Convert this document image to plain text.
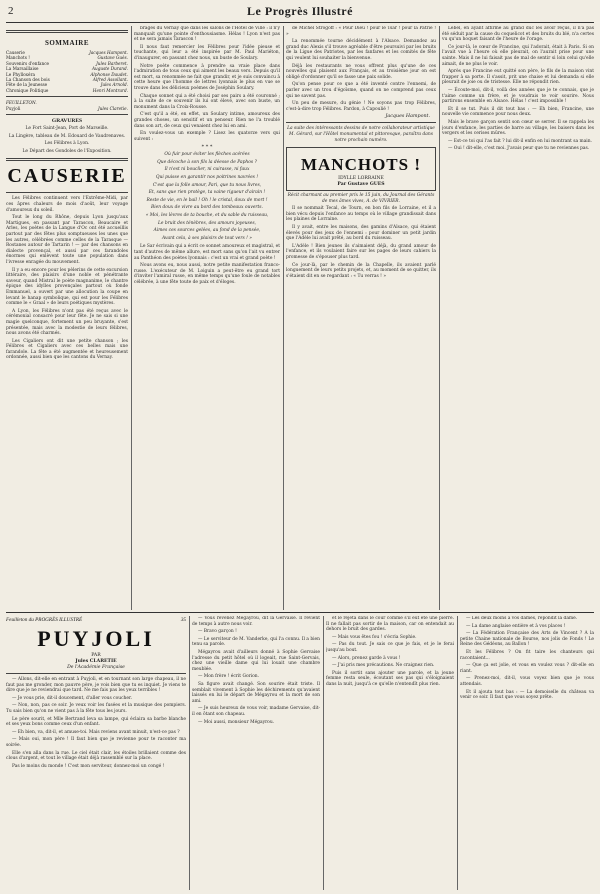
2	Le Progrès Illustré
SOMMAIRE
Causerie	Jacques Hampont.
Manchots !	Gustave Guès.
Souvenirs d'enfance	Jules Barberet.
La Marsaillaise	Auguste Durand.
Le Phylloxéra	Alphonse Daudet.
La Chanson des bois	Alfred Assollant.
Fête de la Jeunesse	Jules Arnold.
Chronique Politique	Henri Montrard.
FEUILLETON.
Puyjoli	Jules Claretie.
GRAVURES

Le Fort Saint-Jean, Port de Marseille.

La Lingère, tableau de M. Edouard de Vaudrenaves.

Les Fêlibres à Lyon.

Le Départ des Gondoles de l'Exposition.

CAUSERIE

Les Félibres continuent vers l'Extrême-Midi, par ces âpres chaleurs de mois d'août, leur voyage d'amoureux du soleil.

Tout le long du Rhône, depuis Lyon jusqu'aux Martigues, en passant par Tarascon, Beaucaire et Arles, les poètes de la Langue d'Oc ont été accueillis partout par des fêtes plus somptueuses les unes que les autres, célébrées comme celles de la Tarasque — Rostanes autour de Tartarin ! — par des chansons en dialecte provençal, et aussi par ces farandoles énormes qui enlèvent toute une population dans l'ivresse enragée du mouvement.

Il y a eu encore pour les pèlerins de cette excursion littéraire, des plaisirs d'une noble et pénétrante saveur, quand Mistral le poète magnanime, le chantre épique des idylles provençales partout où fonde Emmanuel, a ouvert par une allocution la coupe en levant le hanap symbolique, qui est pour les Félibres comme le « Graal » de leurs poétiques mystères.

A Lyon, les Félibres n'ont pas été reçus avec le cérémonial consacré pour leur fête. Je ne sais si une magie quelconque, fortement un peu bruyante, s'est présentée, mais avec la modestie de leurs félibres, nous avons été charmés.

Les Cigaliers ont dit une petite chanson ; les Félibres et Cigaliers avec ces belles mais une farandole. La fête a été augmentée et heureusement ordonnée, aussi bien que les cantons du Vernay.

brages du Vernay que dans les salons de l'Hôtel de Ville : il n'y manquait qu'une pointe d'enthousiasme. Hélas ! Lyon n'est pas et ne sera jamais Tarascon !

Il nous faut remercier les Félibres pour l'idée pieuse et touchante, qui leur a été inspirée par M. Paul Mariéton, d'inaugurer, en passant chez nous, un buste de Soulary.

Notre poète commence à prendre sa vraie place dans l'admiration de tous ceux qui aiment les beaux vers. Depuis qu'il est mort, sa renommée ne fait que grandir, et je suis convaincu à cette heure que l'homme de lettres lyonnais le plus en vue se trouve dans les délicieux poèmes de Joséphin Soulary.

Chaque sonnet qui a été choisi par ses pairs a été couronné ; à la suite de ce souvenir ils lui ont élevé, avec son buste, un monument dans la Croix-Rousse.

C'est qu'il a été, en effet, un Soulary intime, amoureux des grandes choses, un sensitif et un penseur. Rien ne l'a troublé dans son art, de ceux qui venaient chez lui en ami.

En voulez-vous un exemple ? Lisez les quatorze vers qui suivent :

* * *

Où fuir pour éviter les flèches acérées

Que décoche à son fils la déesse de Paphos ?

Il n'est ni bouclier, ni cuirasse, ni faux

Qui puisse en garantir nos poitrines navrées !

C'est que la folle amour, Pari, que tu nous livres,

Et, sans que rien protège, ta vaine rigueur d'airain !

Reste de vie, en le bail ! Oh ! le cristal, doux de mort !

Bien doux de vivre au bord des tombeaux ouverts.

« Moi, les lèvres de ta bouche, et du sable du ruisseau,

Le bruit des ténèbres, des amours joyeuses,

Aimes ces sources gelées, au fond de la pensée,

Avant cela, à ses plaisirs de tout vers ! »

Le Sar écrivain qui a écrit ce sonnet amoureux et magistral, et tant d'autres de même allure, est mort sans qu'on l'ait vu entrer au Panthéon des poètes lyonnais : c'est un vrai et grand poète !

Nous avons eu, nous aussi, notre petite manifestation franco-russe. L'exécuteur de M. Loiguin a peut-être eu grand tort d'inviter l'amiral russe, en même temps qu'une foule de notables célébrée, à une fête toute de paix et d'éloges.

de Michel Strogoff : « Pour Dieu ! pour le Tsar ! pour la Patrie ! »

La renommée tourne décidément à l'Alsace. Demandez au grand duc Alexis s'il trouve agréable d'être poursuivi par les bruits de la Ligue des Patriotes, par les fanfares et les comités de fête qui veulent lui souhaiter la bienvenue.

Déjà les restaurants ne vous offrent plus qu'une de ces nouvelles qui plaisent aux Français, et au troisième jour on est obligé d'ordonner qu'il se fasse une paix solide.

Qu'on pense pour ce que a été inventé contre l'ennemi, de parler avec un trou d'égoïsme, quand on ne comprend pas ceux qui ne savent pas.

Un peu de mesure, du génie ! Ne soyons pas trop Félibres, c'est-à-dire trop Félibres. Pardon, à Capoulié !

Jacques Hampont.

La suite des intéressants dessins de notre collaborateur artistique M. Gérard, sur l'Hôtel monumental et pittoresque, paraîtra dans notre prochain numéro.

MANCHOTS !
IDYLLE LORRAINE
Par Gustave GUES

Récit charmant au premier prix le 15 juin, du Journal des Gérants de mes âmes vives, A. de VIVRIER.

Il se nommait Tecal, de Tourn, en bon fils de Lorraine, et il a bien vécu depuis l'enfance au temps où le village grandissait dans les plaines de Lorraine.

Il y avait, entre les maisons, des gamins d'Alsace, qui étaient élevés pour des jeux de l'ennemi : pour dominer un petit jardin que l'Adèle lui avait prêté, au bord du ruisseau.

L'Adèle ! Bien jeunes ils s'aimaient déjà, du grand amour de l'enfance, et ils voulaient faire sur les pages de leurs cahiers la promesse de s'épouser plus tard.

Ce jour-là, par le chemin de la Chapelle, ils avaient parlé longuement de leurs petits projets, et, au moment de se quitter, ils s'étaient dit en se regardant : « Tu verras ! »

Lebel, en ayant affirmé au grand duc les avoir reçus, il n'a pas été séduit par la cause du coquelicot et des bruits du blé, n'a certes vu qu'un hoquet faisant de l'heure de l'orage.

Ce jour-là, le cœur de Francine, qui l'adorait, était à Paris. Si on l'avait vue à l'heure où elle pleurait, on l'aurait prise pour une sainte. Mais il ne lui faisait pas de mal de sentir si loin celui qu'elle aimait, de ne plus le voir.

Après que Francine eut quitté son père, le fils de la maison vint frapper à sa porte. Il s'assit, prit une chaise et lui demanda si elle pleurait de joie ou de tristesse. Elle ne répondit rien.

— Écoute-moi, dit-il, voilà des années que je te connais, que je t'aime comme un frère, et je voudrais te voir sourire. Nous partirons ensemble en Alsace. Hélas ! c'est impossible !

Et il se tut. Puis il dit tout bas : — Eh bien, Francine, une nouvelle vie commence pour nous deux.

Mais le brave garçon sentit son cœur se serrer. Il se rappela les jours d'enfance, les parties de barre au village, les baisers dans les vergers et les cerises mûres.

— Est-ce toi qui l'as fait ? lui dit-il enfin en lui montrant sa main.

— Oui ! dit-elle, c'est moi. J'avais peur que tu ne reviennes pas.

Feuilleton du PROGRÈS ILLUSTRÉ	35
PUYJOLI
PAR
Jules CLARETIE
De l'Académie Française

— Allons, dit-elle en entrant à Puyjoli, et en tournant son large chapeau, il ne faut pas me gronder, mon pauvre père, je vois bien que tu es inquiet. Je viens te dire que je ne reviendrai que tard. Ne me fais pas les yeux terribles !

— Je vous prie, dit-il doucement, d'aller vous coucher.

— Non, non, pas ce soir. Je veux voir les fusées et la musique des pompiers. Tu sais bien qu'on ne vient pas à la fête tous les jours.

Le père sourit, et Mlle Bertrand leva sa lampe, qui éclaira sa barbe blanche et ses yeux bons comme ceux d'un enfant.

— Eh bien, va, dit-il, et amuse-toi. Mais reviens avant minuit, n'est-ce pas ?

— Mais oui, mon père ! Il faut bien que je revienne pour te raconter ma soirée.

Elle s'en alla dans la rue. Le ciel était clair, les étoiles brillaient comme des clous d'argent, et tout le village était déjà rassemblé sur la place.

Pas le moins du monde ! C'est mon serviteur, donnez-moi un congé !

— Vous revenez Mégayrou, dit la Gervaise. Il revient de temps à autre nous voir.

— Bravo garçon !

— Le serviteur de M. Vanderke, qui l'a connu. Il a bien tenu sa parole.

Mégayrou avait d'ailleurs donné à Sophie Gervaise l'adresse du petit hôtel où il logeait, rue Saint-Gervais, chez une vieille dame qui lui louait une chambre meublée.

— Mon frère ! écrit Gorion.

Sa figure avait changé. Son sourire était triste. Il semblait vivement à Sophie les déchirements qu'avaient laissés en lui le départ de Mégayrou et la mort de son ami.

— Je suis heureux de vous voir, madame Gervaise, dit-il en ôtant son chapeau.

— Moi aussi, monsieur Mégayrou.

et le rejeta dans le cour comme s'il eût été une pierre. Il ne fallait pas sortir de la maison, car on entendait au dehors le bruit des gardes.

— Mais vous êtes fou ! s'écria Sophie.

— Pas du tout. Je sais ce que je fais, et je le ferai jusqu'au bout.

— Alors, prenez garde à vous !

— J'ai pris mes précautions. Ne craignez rien.

Puis il sortit sans ajouter une parole, et la jeune femme resta seule, écoutant ses pas qui s'éloignaient dans la nuit, jusqu'à ce qu'elle n'entendît plus rien.

— Les deux moins à vos dames, répondit la dame.

— La dame anglaise entière et à vos places !

— La Fédération Française des Arts de Vincent ? A la petite Chaine nationale de Bourse, nos jolis de Fonds ! Le Reine des Gédéons, au Ballon !

Et les Félibres ? On fit taire les chanteurs qui racontaient...

— Que ça est jolie, et vous en voulez vous ? dit-elle en riant.

— Prenez-moi, dit-il, vous voyez bien que je vous attendais.

Et il ajouta tout bas : — La demoiselle du château va venir ce soir. Il faut que vous soyez prête.
